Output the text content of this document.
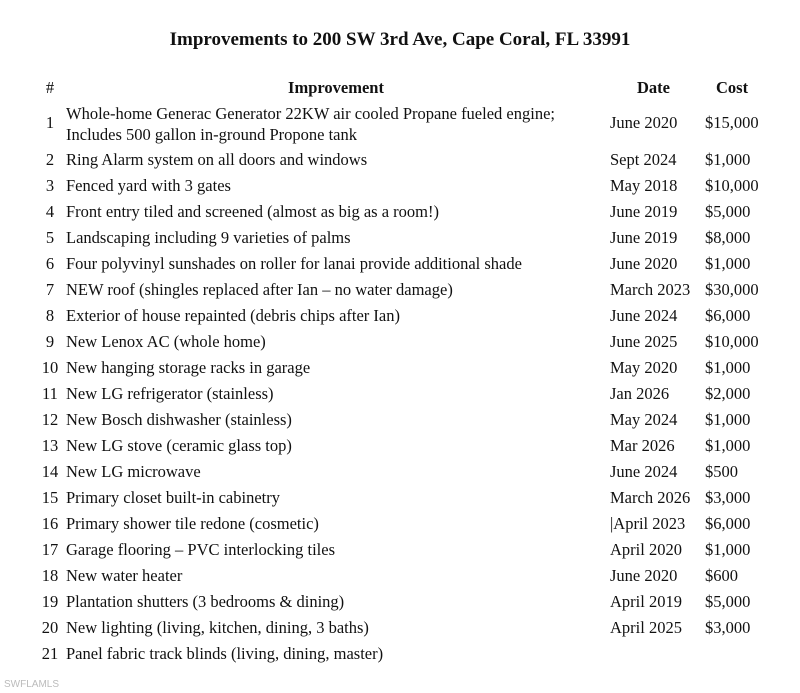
Improvements to 200 SW 3rd Ave, Cape Coral, FL 33991
#	Improvement	Date	Cost
1 Whole-home Generac Generator 22KW air cooled Propane fueled engine; Includes 500 gallon in-ground Propone tank
June 2020 $15,000
2 Ring Alarm system on all doors and windows	Sept 2024 $1,000
3 Fenced yard with 3 gates	May 2018 $10,000
4 Front entry tiled and screened (almost as big as a room!)	June 2019 $5,000
5 Landscaping including 9 varieties of palms	June 2019 $8,000
6 Four polyvinyl sunshades on roller for lanai provide additional shade	June 2020 $1,000
7 NEW roof (shingles replaced after Ian – no water damage)	March 2023 $30,000
8 Exterior of house repainted (debris chips after Ian)	June 2024 $6,000
9 New Lenox AC (whole home)	June 2025 $10,000
10 New hanging storage racks in garage	May 2020 $1,000
11 New LG refrigerator (stainless)	Jan 2026 $2,000
12 New Bosch dishwasher (stainless)	May 2024 $1,000
13 New LG stove (ceramic glass top)	Mar 2026 $1,000
14 New LG microwave	June 2024 $500
15 Primary closet built-in cabinetry	March 2026 $3,000
16 Primary shower tile redone (cosmetic)	|April 2023 $6,000
17 Garage flooring – PVC interlocking tiles	April 2020 $1,000
18 New water heater	June 2020 $600
19 Plantation shutters (3 bedrooms & dining)	April 2019 $5,000
20 New lighting (living, kitchen, dining, 3 baths)	April 2025 $3,000
21 Panel fabric track blinds (living, dining, master)
SWFLAMLS
